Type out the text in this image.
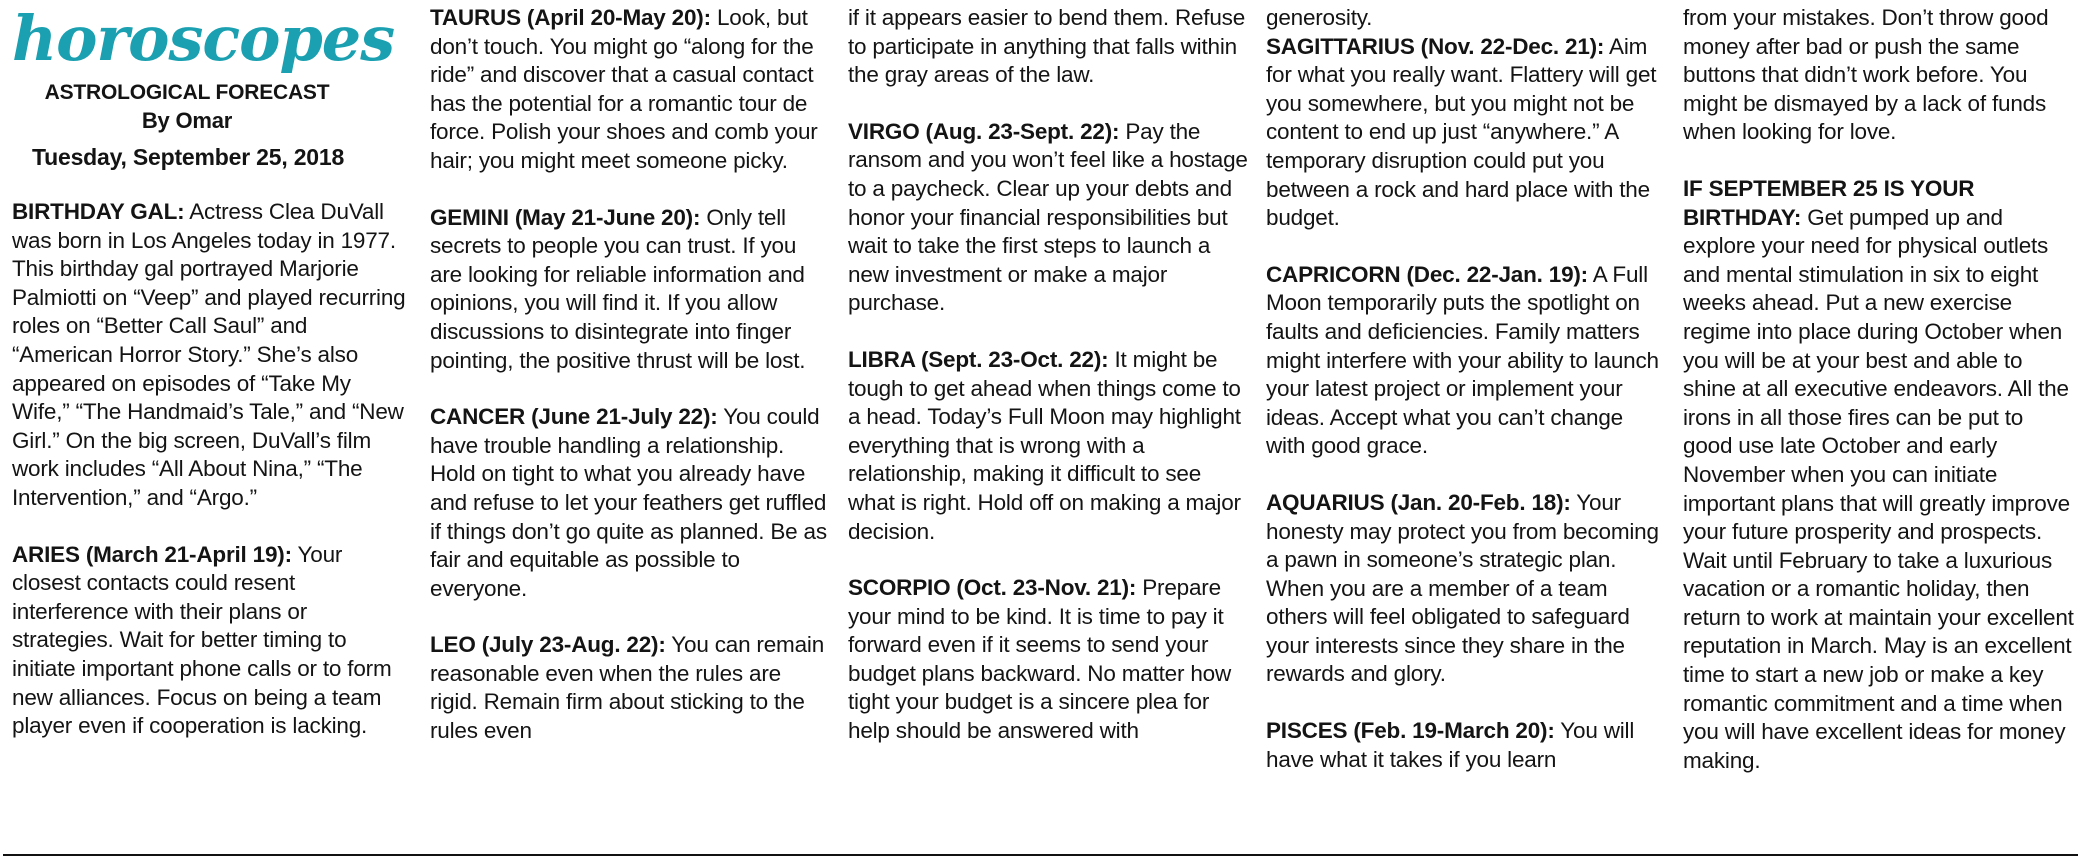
horoscopes
ASTROLOGICAL FORECAST
By Omar
Tuesday, September 25, 2018

BIRTHDAY GAL: Actress Clea DuVall was born in Los Angeles today in 1977. This birthday gal portrayed Marjorie Palmiotti on “Veep” and played recurring roles on “Better Call Saul” and “American Horror Story.” She’s also appeared on episodes of “Take My Wife,” “The Handmaid’s Tale,” and “New Girl.” On the big screen, DuVall’s film work includes “All About Nina,” “The Intervention,” and “Argo.”

ARIES (March 21-April 19): Your closest contacts could resent interference with their plans or strategies. Wait for better timing to initiate important phone calls or to form new alliances. Focus on being a team player even if cooperation is lacking.

TAURUS (April 20-May 20): Look, but don’t touch. You might go “along for the ride” and discover that a casual contact has the potential for a romantic tour de force. Polish your shoes and comb your hair; you might meet someone picky.

GEMINI (May 21-June 20): Only tell secrets to people you can trust. If you are looking for reliable information and opinions, you will find it. If you allow discussions to disintegrate into finger pointing, the positive thrust will be lost.

CANCER (June 21-July 22): You could have trouble handling a relationship. Hold on tight to what you already have and refuse to let your feathers get ruffled if things don’t go quite as planned. Be as fair and equitable as possible to everyone.

LEO (July 23-Aug. 22): You can remain reasonable even when the rules are rigid. Remain firm about sticking to the rules even

if it appears easier to bend them. Refuse to participate in anything that falls within the gray areas of the law.

VIRGO (Aug. 23-Sept. 22): Pay the ransom and you won’t feel like a hostage to a paycheck. Clear up your debts and honor your financial responsibilities but wait to take the first steps to launch a new investment or make a major purchase.

LIBRA (Sept. 23-Oct. 22): It might be tough to get ahead when things come to a head. Today’s Full Moon may highlight everything that is wrong with a relationship, making it difficult to see what is right. Hold off on making a major decision.

SCORPIO (Oct. 23-Nov. 21): Prepare your mind to be kind. It is time to pay it forward even if it seems to send your budget plans backward. No matter how tight your budget is a sincere plea for help should be answered with

generosity.

SAGITTARIUS (Nov. 22-Dec. 21): Aim for what you really want. Flattery will get you somewhere, but you might not be content to end up just “anywhere.” A temporary disruption could put you between a rock and hard place with the budget.

CAPRICORN (Dec. 22-Jan. 19): A Full Moon temporarily puts the spotlight on faults and deficiencies. Family matters might interfere with your ability to launch your latest project or implement your ideas. Accept what you can’t change with good grace.

AQUARIUS (Jan. 20-Feb. 18): Your honesty may protect you from becoming a pawn in someone’s strategic plan. When you are a member of a team others will feel obligated to safeguard your interests since they share in the rewards and glory.

PISCES (Feb. 19-March 20): You will have what it takes if you learn

from your mistakes. Don’t throw good money after bad or push the same buttons that didn’t work before. You might be dismayed by a lack of funds when looking for love.

IF SEPTEMBER 25 IS YOUR BIRTHDAY: Get pumped up and explore your need for physical outlets and mental stimulation in six to eight weeks ahead. Put a new exercise regime into place during October when you will be at your best and able to shine at all executive endeavors. All the irons in all those fires can be put to good use late October and early November when you can initiate important plans that will greatly improve your future prosperity and prospects. Wait until February to take a luxurious vacation or a romantic holiday, then return to work at maintain your excellent reputation in March. May is an excellent time to start a new job or make a key romantic commitment and a time when you will have excellent ideas for money making.
